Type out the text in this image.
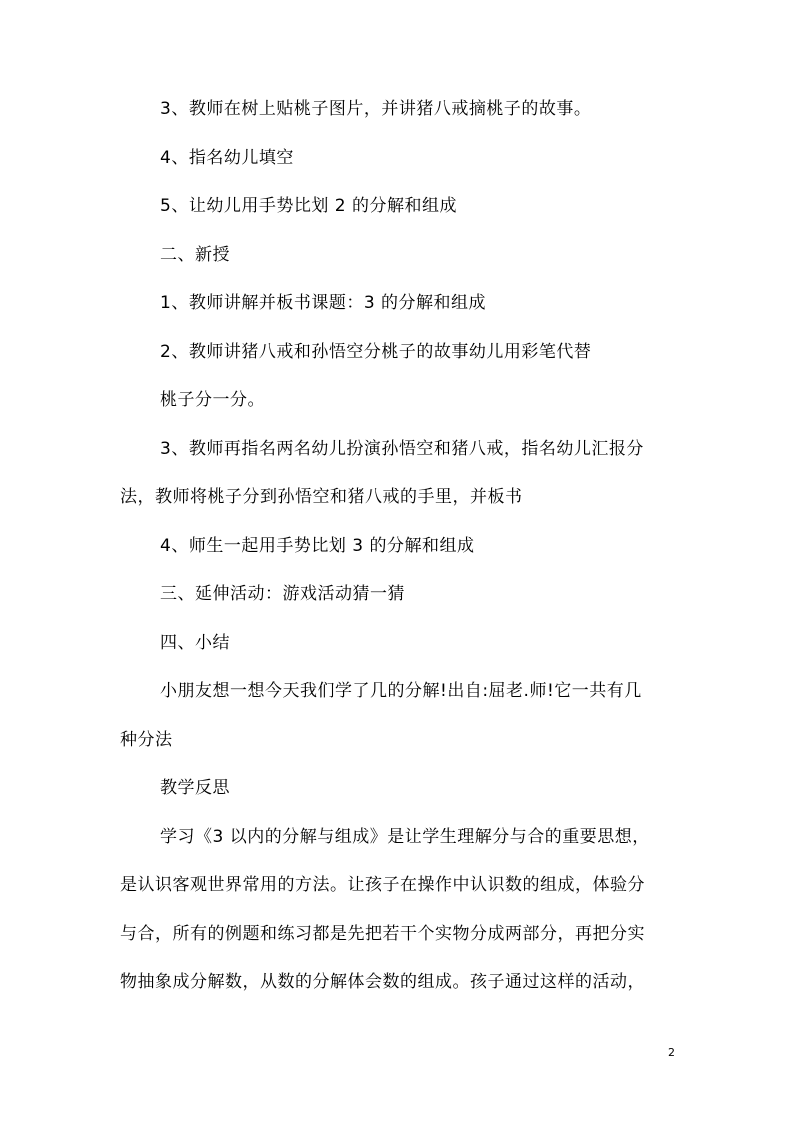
3、教师在树上贴桃子图片，并讲猪八戒摘桃子的故事。
4、指名幼儿填空
5、让幼儿用手势比划 2 的分解和组成
二、新授
1、教师讲解并板书课题：3 的分解和组成
2、教师讲猪八戒和孙悟空分桃子的故事幼儿用彩笔代替
桃子分一分。
3、教师再指名两名幼儿扮演孙悟空和猪八戒，指名幼儿汇报分
法，教师将桃子分到孙悟空和猪八戒的手里，并板书
4、师生一起用手势比划 3 的分解和组成
三、延伸活动：游戏活动猜一猜
四、小结
小朋友想一想今天我们学了几的分解!出自:屈老.师!它一共有几
种分法
教学反思
学习《3 以内的分解与组成》是让学生理解分与合的重要思想，
是认识客观世界常用的方法。让孩子在操作中认识数的组成，体验分
与合，所有的例题和练习都是先把若干个实物分成两部分，再把分实
物抽象成分解数，从数的分解体会数的组成。孩子通过这样的活动，
2
